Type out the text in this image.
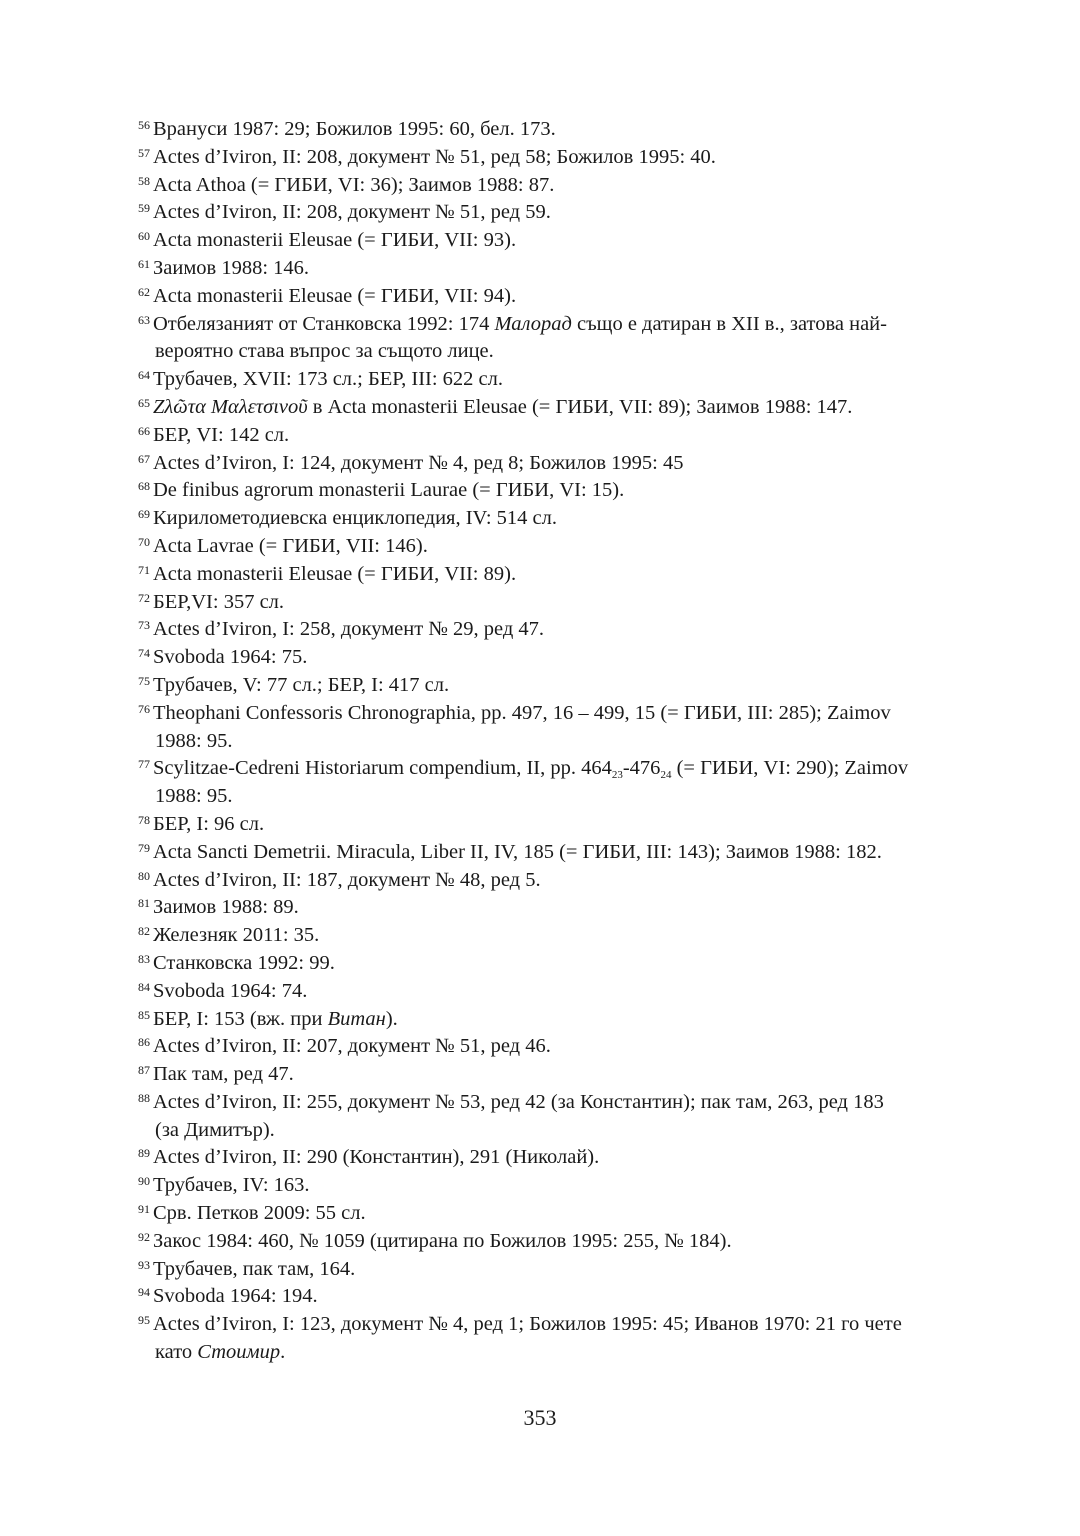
56 Врануси 1987: 29; Божилов 1995: 60, бел. 173.
57 Actes d’Iviron, II: 208, документ № 51, ред 58; Божилов 1995: 40.
58 Acta Athoa (= ГИБИ, VI: 36); Заимов 1988: 87.
59 Actes d’Iviron, II: 208, документ № 51, ред 59.
60 Acta monasterii Eleusae (= ГИБИ, VII: 93).
61 Заимов 1988: 146.
62 Acta monasterii Eleusae (= ГИБИ, VII: 94).
63 Отбелязаният от Станковска 1992: 174 Малорад също е датиран в XII в., затова най-
вероятно става въпрос за същото лице.
64 Трубачев, XVII: 173 сл.; БЕР, III: 622 сл.
65 Ζλῶτα Μαλετσινοῦ в Acta monasterii Eleusae (= ГИБИ, VII: 89); Заимов 1988: 147.
66 БЕР, VI: 142 сл.
67 Actes d’Iviron, I: 124, документ № 4, ред 8; Божилов 1995: 45
68 De finibus agrorum monasterii Laurae (= ГИБИ, VI: 15).
69 Кирилометодиевска енциклопедия, IV: 514 сл.
70 Acta Lavrae (= ГИБИ, VII: 146).
71 Acta monasterii Eleusae (= ГИБИ, VII: 89).
72 БЕР,VI: 357 сл.
73 Actes d’Iviron, I: 258, документ № 29, ред 47.
74 Svoboda 1964: 75.
75 Трубачев, V: 77 сл.; БЕР, I: 417 сл.
76 Theophani Confessoris Chronographia, pp. 497, 16 – 499, 15 (= ГИБИ, III: 285); Zaimov
1988: 95.
77 Scylitzae-Cedreni Historiarum compendium, II, pp. $464_{23}-476_{24}$ (= ГИБИ, VI: 290); Zaimov
1988: 95.
78 БЕР, I: 96 сл.
79 Acta Sancti Demetrii. Miracula, Liber II, IV, 185 (= ГИБИ, III: 143); Заимов 1988: 182.
80 Actes d’Iviron, II: 187, документ № 48, ред 5.
81 Заимов 1988: 89.
82 Железняк 2011: 35.
83 Станковска 1992: 99.
84 Svoboda 1964: 74.
85 БЕР, I: 153 (вж. при Витан).
86 Actes d’Iviron, II: 207, документ № 51, ред 46.
87 Пак там, ред 47.
88 Actes d’Iviron, II: 255, документ № 53, ред 42 (за Константин); пак там, 263, ред 183
(за Димитър).
89 Actes d’Iviron, II: 290 (Константин), 291 (Николай).
90 Трубачев, IV: 163.
91 Срв. Петков 2009: 55 сл.
92 Закос 1984: 460, № 1059 (цитирана по Божилов 1995: 255, № 184).
93 Трубачев, пак там, 164.
94 Svoboda 1964: 194.
95 Actes d’Iviron, I: 123, документ № 4, ред 1; Божилов 1995: 45; Иванов 1970: 21 го чете
като Стоимир.
353
